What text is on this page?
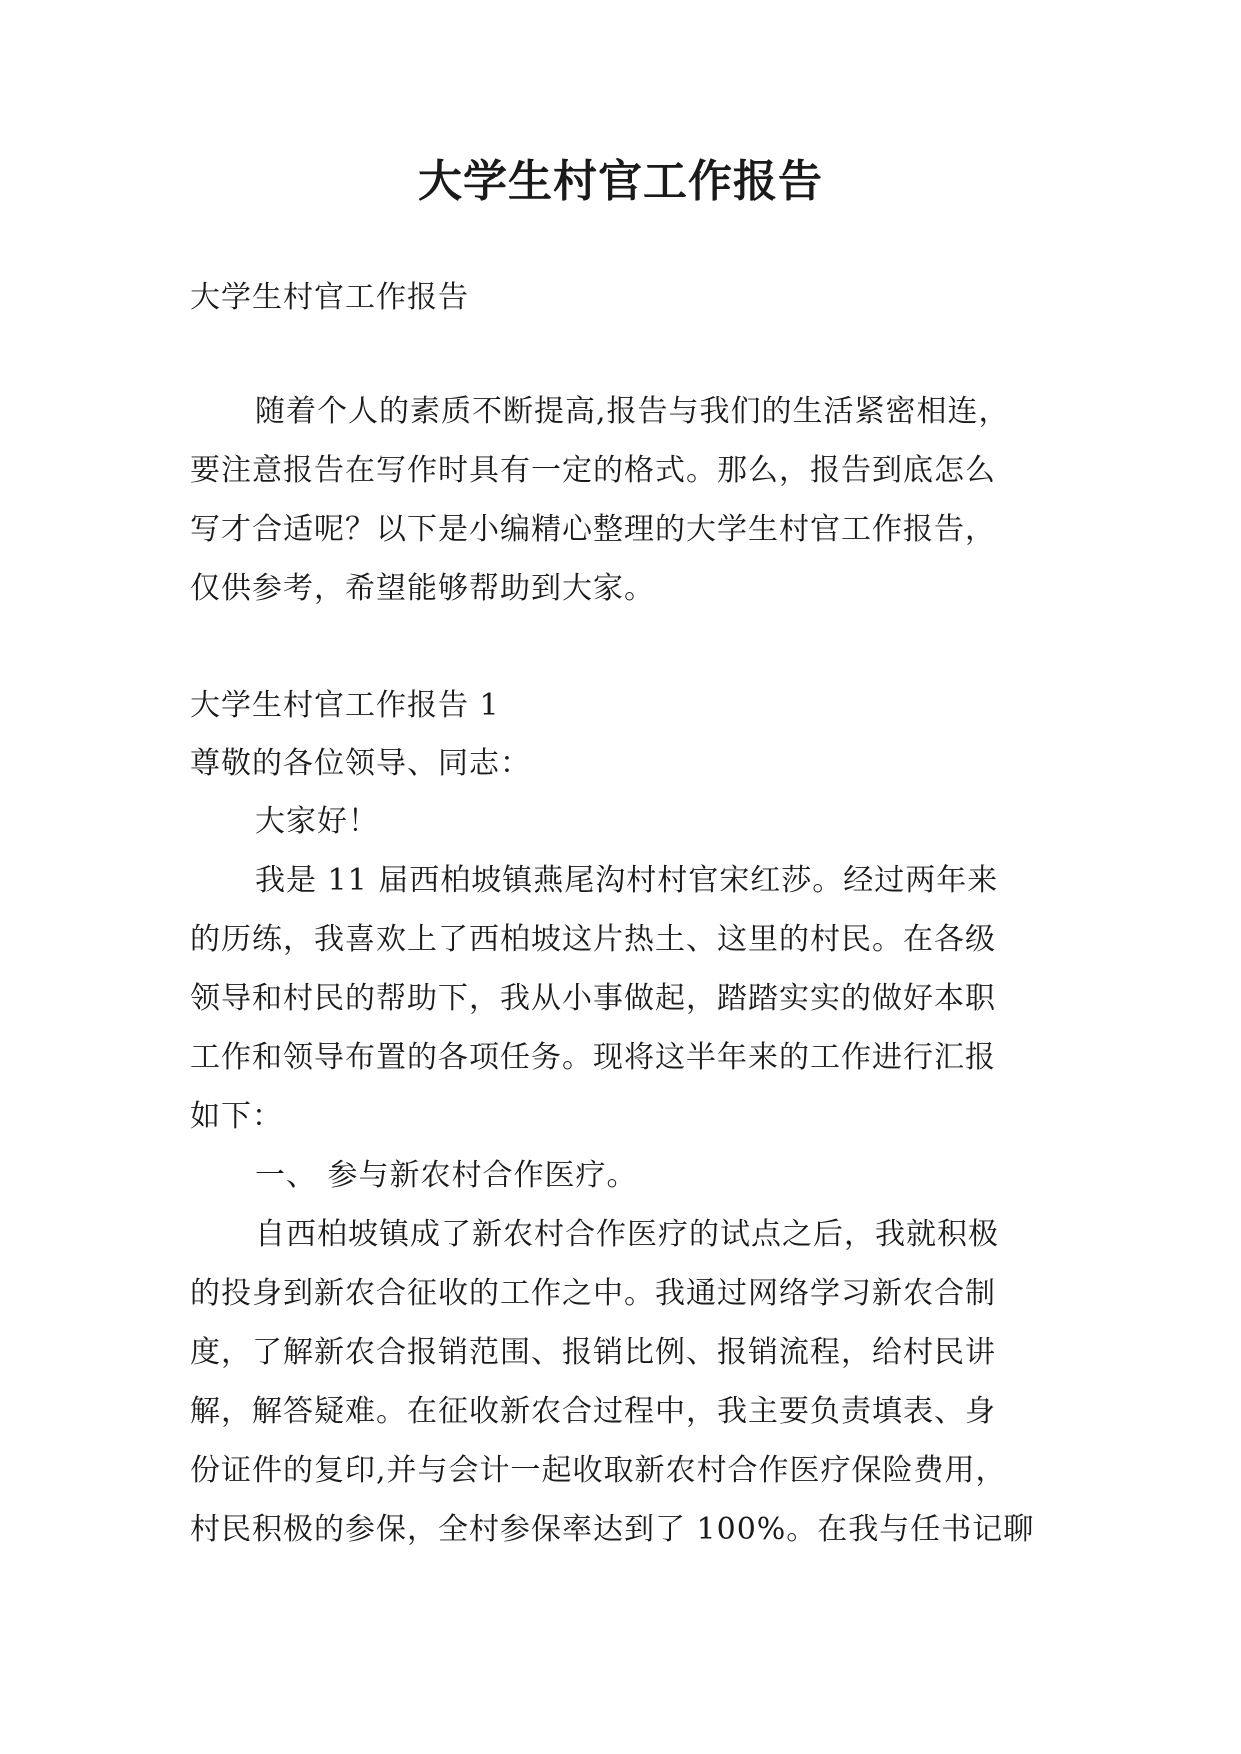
大学生村官工作报告
大学生村官工作报告
随着个人的素质不断提高,报告与我们的生活紧密相连，
要注意报告在写作时具有一定的格式。那么，报告到底怎么
写才合适呢？以下是小编精心整理的大学生村官工作报告，
仅供参考，希望能够帮助到大家。
大学生村官工作报告 1
尊敬的各位领导、同志：
大家好！
我是 11 届西柏坡镇燕尾沟村村官宋红莎。经过两年来
的历练，我喜欢上了西柏坡这片热土、这里的村民。在各级
领导和村民的帮助下，我从小事做起，踏踏实实的做好本职
工作和领导布置的各项任务。现将这半年来的工作进行汇报
如下：
一、 参与新农村合作医疗。
自西柏坡镇成了新农村合作医疗的试点之后，我就积极
的投身到新农合征收的工作之中。我通过网络学习新农合制
度，了解新农合报销范围、报销比例、报销流程，给村民讲
解，解答疑难。在征收新农合过程中，我主要负责填表、身
份证件的复印,并与会计一起收取新农村合作医疗保险费用，
村民积极的参保，全村参保率达到了 100%。在我与任书记聊
